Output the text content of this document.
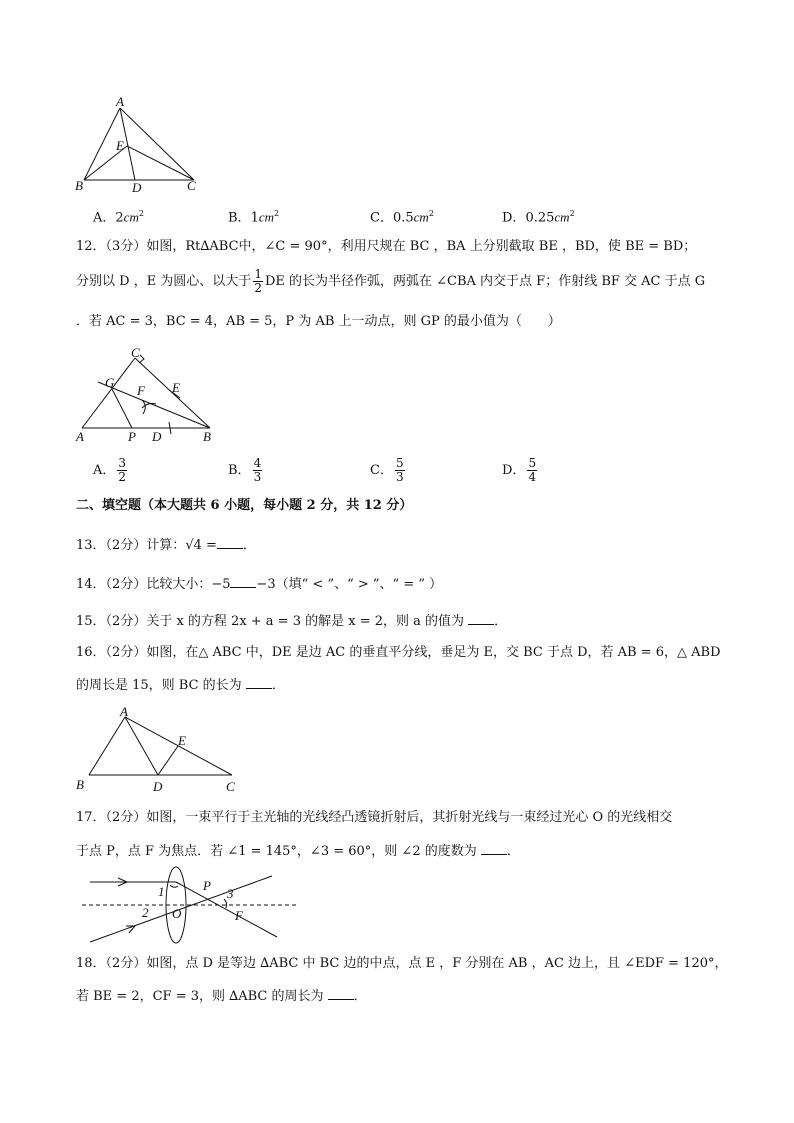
A
E
B	D	C
A．$2cm^2$	B．$1cm^2$	C．$0.5cm^2$	D．$0.25cm^2$
12．（3分）如图，Rt∆ABC中，∠C = 90°，利用尺规在 BC ，BA 上分别截取 BE ，BD，使 BE = BD；
分别以 D ，E 为圆心、以大于 $\frac{1}{2}$ DE 的长为半径作弧，两弧在 ∠CBA 内交于点 F；作射线 BF 交 AC 于点 G
．若 AC = 3，BC = 4，AB = 5，P 为 AB 上一动点，则 GP 的最小值为（　　）
C
G
F E
A	P D	B
A． $\frac{3}{2}$	B． $\frac{4}{3}$	C． $\frac{5}{3}$	D． $\frac{5}{4}$
二、填空题（本大题共 6 小题，每小题 2 分，共 12 分）
13．（2分）计算：√4 = ．
14．（2分）比较大小：−5 −3（填“ < ”、“ > ”、“ = ” ）
15．（2分）关于 x 的方程 2x + a = 3 的解是 x = 2，则 a 的值为 ．
16．（2分）如图，在△ ABC 中，DE 是边 AC 的垂直平分线，垂足为 E，交 BC 于点 D，若 AB = 6，△ ABD
的周长是 15，则 BC 的长为 ．
A
E
B	D	C
17．（2分）如图，一束平行于主光轴的光线经凸透镜折射后，其折射光线与一束经过光心 O 的光线相交
于点 P，点 F 为焦点．若 ∠1 = 145°，∠3 = 60°，则 ∠2 的度数为 ．
1
2
3
P
O	F
18．（2分）如图，点 D 是等边 ∆ABC 中 BC 边的中点，点 E ，F 分别在 AB ，AC 边上，且 ∠EDF = 120°，
若 BE = 2，CF = 3，则 ∆ABC 的周长为 ．
